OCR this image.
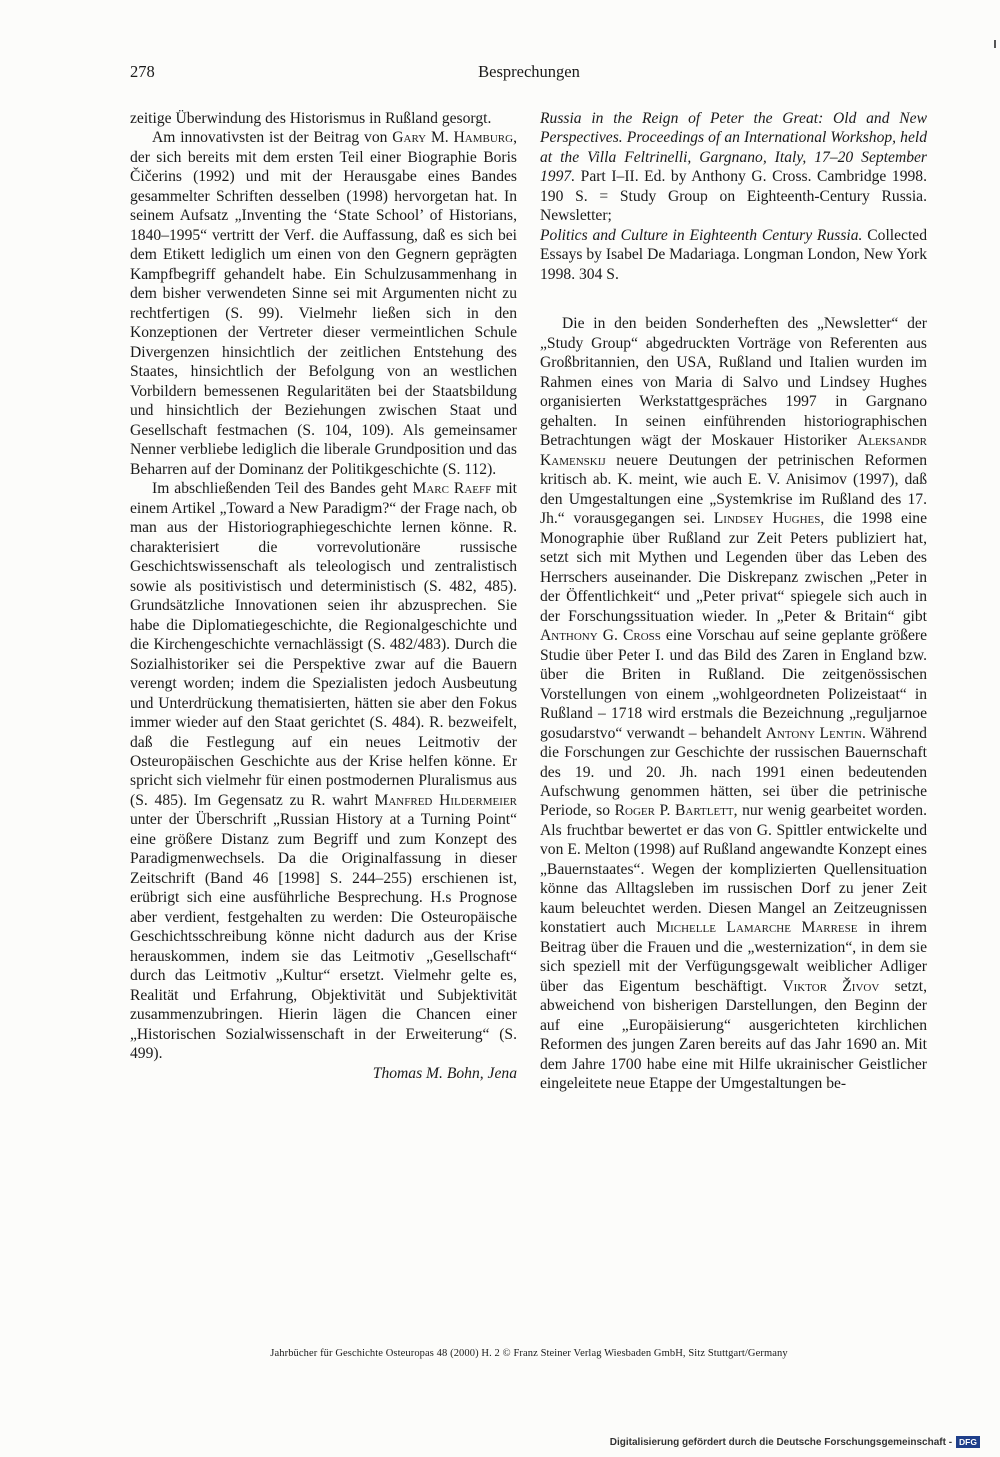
278	Besprechungen

zeitige Überwindung des Historismus in Rußland gesorgt.

Am innovativsten ist der Beitrag von Gary M. Hamburg, der sich bereits mit dem ersten Teil einer Biographie Boris Čičerins (1992) und mit der Herausgabe eines Bandes gesammelter Schriften desselben (1998) hervorgetan hat. In seinem Aufsatz „Inventing the ‘State School’ of Historians, 1840–1995“ vertritt der Verf. die Auffassung, daß es sich bei dem Etikett lediglich um einen von den Gegnern geprägten Kampfbegriff gehandelt habe. Ein Schulzusammenhang in dem bisher verwendeten Sinne sei mit Argumenten nicht zu rechtfertigen (S. 99). Vielmehr ließen sich in den Konzeptionen der Vertreter dieser vermeintlichen Schule Divergenzen hinsichtlich der zeitlichen Entstehung des Staates, hinsichtlich der Befolgung von an westlichen Vorbildern bemessenen Regularitäten bei der Staatsbildung und hinsichtlich der Beziehungen zwischen Staat und Gesellschaft festmachen (S. 104, 109). Als gemeinsamer Nenner verbliebe lediglich die liberale Grundposition und das Beharren auf der Dominanz der Politikgeschichte (S. 112).

Im abschließenden Teil des Bandes geht Marc Raeff mit einem Artikel „Toward a New Paradigm?“ der Frage nach, ob man aus der Historiographiegeschichte lernen könne. R. charakterisiert die vorrevolutionäre russische Geschichtswissenschaft als teleologisch und zentralistisch sowie als positivistisch und deterministisch (S. 482, 485). Grundsätzliche Innovationen seien ihr abzusprechen. Sie habe die Diplomatiegeschichte, die Regionalgeschichte und die Kirchengeschichte vernachlässigt (S. 482/483). Durch die Sozialhistoriker sei die Perspektive zwar auf die Bauern verengt worden; indem die Spezialisten jedoch Ausbeutung und Unterdrückung thematisierten, hätten sie aber den Fokus immer wieder auf den Staat gerichtet (S. 484). R. bezweifelt, daß die Festlegung auf ein neues Leitmotiv der Osteuropäischen Geschichte aus der Krise helfen könne. Er spricht sich vielmehr für einen postmodernen Pluralismus aus (S. 485). Im Gegensatz zu R. wahrt Manfred Hildermeier unter der Überschrift „Russian History at a Turning Point“ eine größere Distanz zum Begriff und zum Konzept des Paradigmenwechsels. Da die Originalfassung in dieser Zeitschrift (Band 46 [1998] S. 244–255) erschienen ist, erübrigt sich eine ausführliche Besprechung. H.s Prognose aber verdient, festgehalten zu werden: Die Osteuropäische Geschichtsschreibung könne nicht dadurch aus der Krise herauskommen, indem sie das Leitmotiv „Gesellschaft“ durch das Leitmotiv „Kultur“ ersetzt. Vielmehr gelte es, Realität und Erfahrung, Objektivität und Subjektivität zusammenzubringen. Hierin lägen die Chancen einer „Historischen Sozialwissenschaft in der Erweiterung“ (S. 499).

Thomas M. Bohn, Jena

Russia in the Reign of Peter the Great: Old and New Perspectives. Proceedings of an International Workshop, held at the Villa Feltrinelli, Gargnano, Italy, 17–20 September 1997. Part I–II. Ed. by Anthony G. Cross. Cambridge 1998. 190 S. = Study Group on Eighteenth-Century Russia. Newsletter;

Politics and Culture in Eighteenth Century Russia. Collected Essays by Isabel De Madariaga. Longman London, New York 1998. 304 S.

Die in den beiden Sonderheften des „Newsletter“ der „Study Group“ abgedruckten Vorträge von Referenten aus Großbritannien, den USA, Rußland und Italien wurden im Rahmen eines von Maria di Salvo und Lindsey Hughes organisierten Werkstattgespräches 1997 in Gargnano gehalten. In seinen einführenden historiographischen Betrachtungen wägt der Moskauer Historiker Aleksandr Kamenskij neuere Deutungen der petrinischen Reformen kritisch ab. K. meint, wie auch E. V. Anisimov (1997), daß den Umgestaltungen eine „Systemkrise im Rußland des 17. Jh.“ vorausgegangen sei. Lindsey Hughes, die 1998 eine Monographie über Rußland zur Zeit Peters publiziert hat, setzt sich mit Mythen und Legenden über das Leben des Herrschers auseinander. Die Diskrepanz zwischen „Peter in der Öffentlichkeit“ und „Peter privat“ spiegele sich auch in der Forschungssituation wieder. In „Peter & Britain“ gibt Anthony G. Cross eine Vorschau auf seine geplante größere Studie über Peter I. und das Bild des Zaren in England bzw. über die Briten in Rußland. Die zeitgenössischen Vorstellungen von einem „wohlgeordneten Polizeistaat“ in Rußland – 1718 wird erstmals die Bezeichnung „reguljarnoe gosudarstvo“ verwandt – behandelt Antony Lentin. Während die Forschungen zur Geschichte der russischen Bauernschaft des 19. und 20. Jh. nach 1991 einen bedeutenden Aufschwung genommen hätten, sei über die petrinische Periode, so Roger P. Bartlett, nur wenig gearbeitet worden. Als fruchtbar bewertet er das von G. Spittler entwickelte und von E. Melton (1998) auf Rußland angewandte Konzept eines „Bauernstaates“. Wegen der komplizierten Quellensituation könne das Alltagsleben im russischen Dorf zu jener Zeit kaum beleuchtet werden. Diesen Mangel an Zeitzeugnissen konstatiert auch Michelle Lamarche Marrese in ihrem Beitrag über die Frauen und die „westernization“, in dem sie sich speziell mit der Verfügungsgewalt weiblicher Adliger über das Eigentum beschäftigt. Viktor Živov setzt, abweichend von bisherigen Darstellungen, den Beginn der auf eine „Europäisierung“ ausgerichteten kirchlichen Reformen des jungen Zaren bereits auf das Jahr 1690 an. Mit dem Jahre 1700 habe eine mit Hilfe ukrainischer Geistlicher eingeleitete neue Etappe der Umgestaltungen be-

Jahrbücher für Geschichte Osteuropas 48 (2000) H. 2 © Franz Steiner Verlag Wiesbaden GmbH, Sitz Stuttgart/Germany
Digitalisierung gefördert durch die Deutsche Forschungsgemeinschaft - DFG
